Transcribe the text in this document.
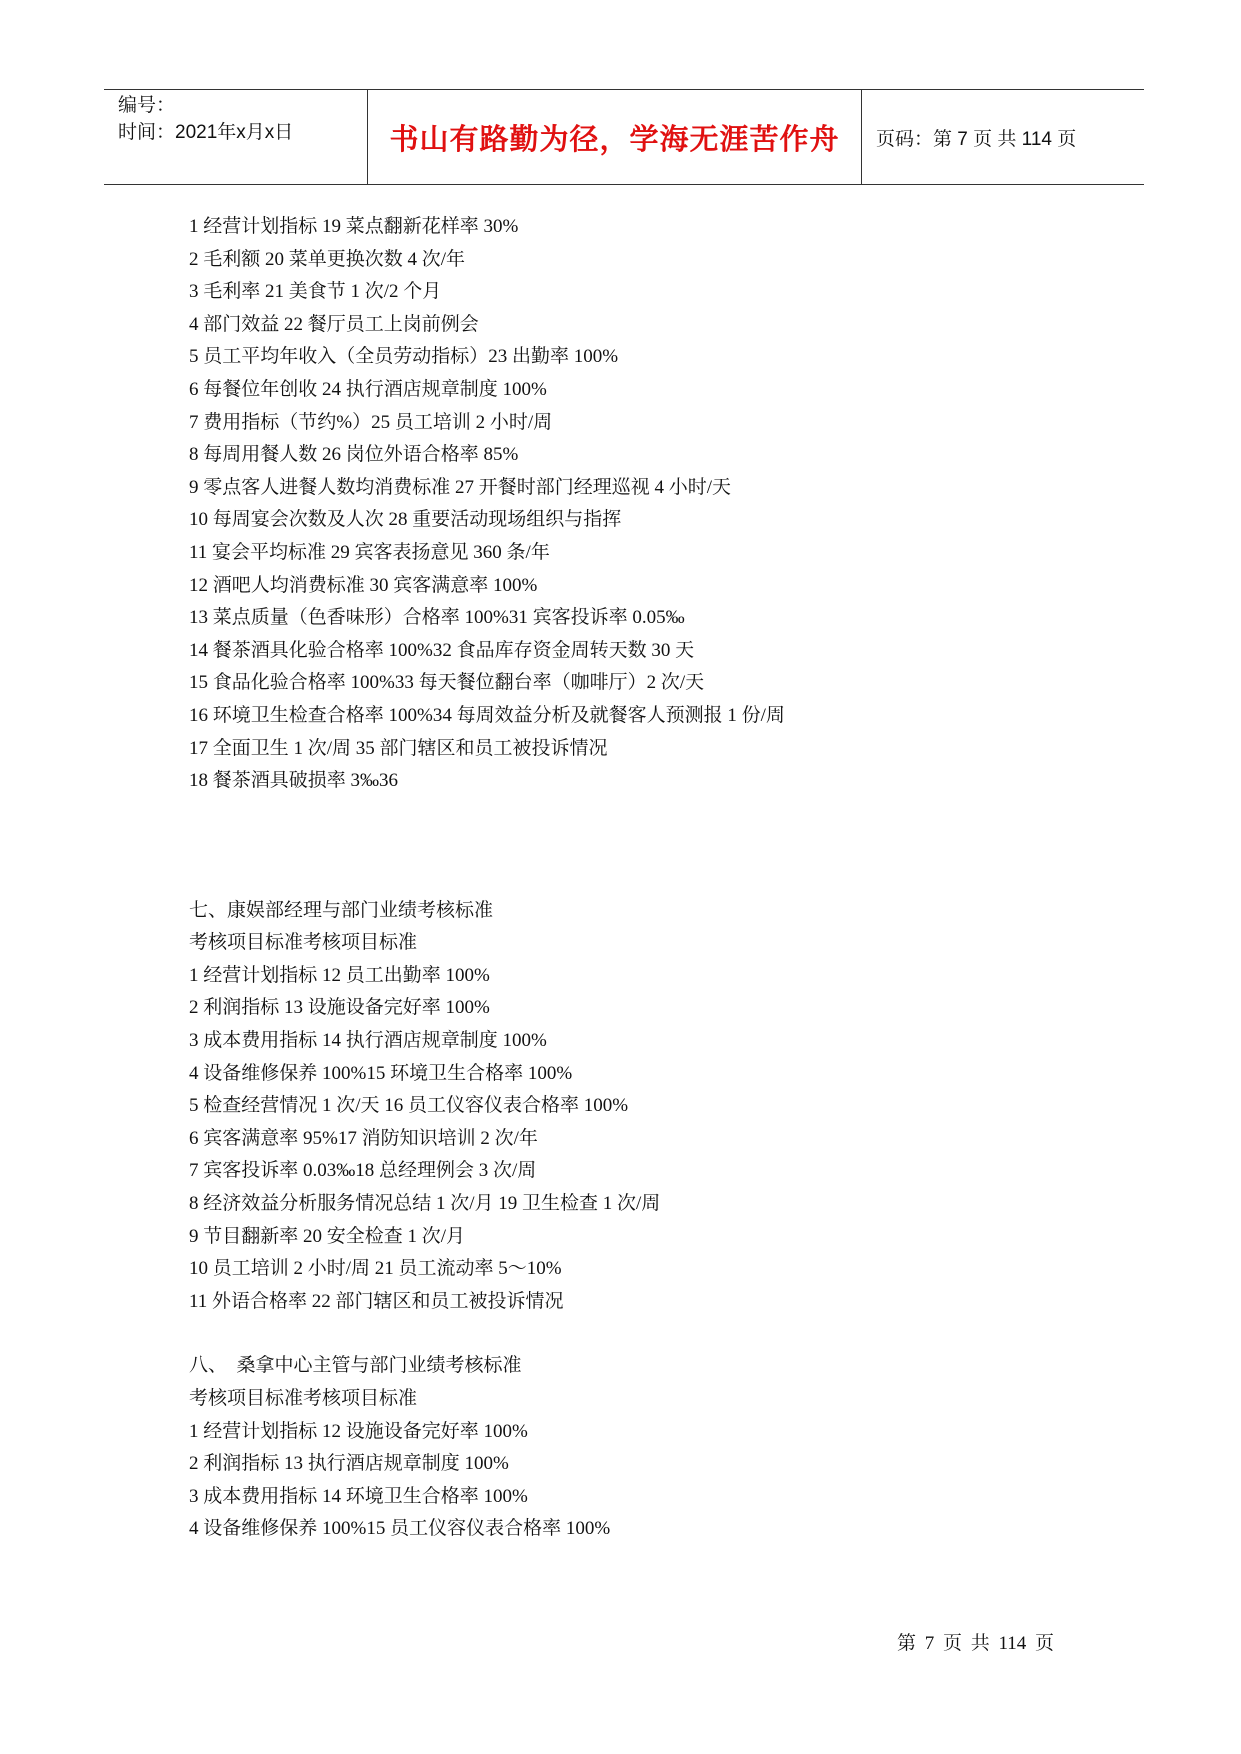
编号：
时间：2021年x月x日	书山有路勤为径，学海无涯苦作舟	页码：第 7 页 共 114 页
1 经营计划指标 19 菜点翻新花样率 30%
2 毛利额 20 菜单更换次数 4 次/年
3 毛利率 21 美食节 1 次/2 个月
4 部门效益 22 餐厅员工上岗前例会
5 员工平均年收入（全员劳动指标）23 出勤率 100%
6 每餐位年创收 24 执行酒店规章制度 100%
7 费用指标（节约%）25 员工培训 2 小时/周
8 每周用餐人数 26 岗位外语合格率 85%
9 零点客人进餐人数均消费标准 27 开餐时部门经理巡视 4 小时/天
10 每周宴会次数及人次 28 重要活动现场组织与指挥
11 宴会平均标准 29 宾客表扬意见 360 条/年
12 酒吧人均消费标准 30 宾客满意率 100%
13 菜点质量（色香味形）合格率 100%31 宾客投诉率 0.05‰
14 餐茶酒具化验合格率 100%32 食品库存资金周转天数 30 天
15 食品化验合格率 100%33 每天餐位翻台率（咖啡厅）2 次/天
16 环境卫生检查合格率 100%34 每周效益分析及就餐客人预测报 1 份/周
17 全面卫生 1 次/周 35 部门辖区和员工被投诉情况
18 餐茶酒具破损率 3‰36
七、康娱部经理与部门业绩考核标准
考核项目标准考核项目标准
1 经营计划指标 12 员工出勤率 100%
2 利润指标 13 设施设备完好率 100%
3 成本费用指标 14 执行酒店规章制度 100%
4 设备维修保养 100%15 环境卫生合格率 100%
5 检查经营情况 1 次/天 16 员工仪容仪表合格率 100%
6 宾客满意率 95%17 消防知识培训 2 次/年
7 宾客投诉率 0.03‰18 总经理例会 3 次/周
8 经济效益分析服务情况总结 1 次/月 19 卫生检查 1 次/周
9 节目翻新率 20 安全检查 1 次/月
10 员工培训 2 小时/周 21 员工流动率 5～10%
11 外语合格率 22 部门辖区和员工被投诉情况
八、  桑拿中心主管与部门业绩考核标准
考核项目标准考核项目标准
1 经营计划指标 12 设施设备完好率 100%
2 利润指标 13 执行酒店规章制度 100%
3 成本费用指标 14 环境卫生合格率 100%
4 设备维修保养 100%15 员工仪容仪表合格率 100%
第 7 页 共 114 页
